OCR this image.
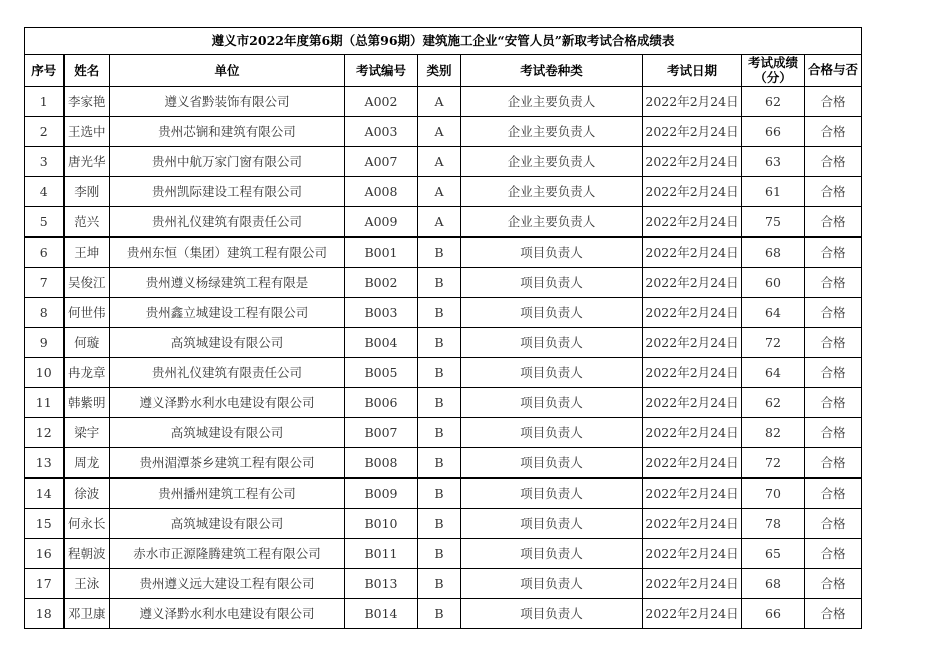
遵义市2022年度第6期（总第96期）建筑施工企业“安管人员”新取考试合格成绩表								
序号	姓名	单位	考试编号	类别	考试卷种类	考试日期	考试成绩（分）	合格与否
1	李家艳	遵义省黔装饰有限公司	A002	A	企业主要负责人	2022年2月24日	62	合格
2	王选中	贵州芯锎和建筑有限公司	A003	A	企业主要负责人	2022年2月24日	66	合格
3	唐光华	贵州中航万家门窗有限公司	A007	A	企业主要负责人	2022年2月24日	63	合格
4	李刚	贵州凯际建设工程有限公司	A008	A	企业主要负责人	2022年2月24日	61	合格
5	范兴	贵州礼仪建筑有限责任公司	A009	A	企业主要负责人	2022年2月24日	75	合格
6	王坤	贵州东恒（集团）建筑工程有限公司	B001	B	项目负责人	2022年2月24日	68	合格
7	吴俊江	贵州遵义杨绿建筑工程有限是	B002	B	项目负责人	2022年2月24日	60	合格
8	何世伟	贵州鑫立城建设工程有限公司	B003	B	项目负责人	2022年2月24日	64	合格
9	何璇	高筑城建设有限公司	B004	B	项目负责人	2022年2月24日	72	合格
10	冉龙章	贵州礼仪建筑有限责任公司	B005	B	项目负责人	2022年2月24日	64	合格
11	韩紫明	遵义泽黔水利水电建设有限公司	B006	B	项目负责人	2022年2月24日	62	合格
12	梁宇	高筑城建设有限公司	B007	B	项目负责人	2022年2月24日	82	合格
13	周龙	贵州湄潭茶乡建筑工程有限公司	B008	B	项目负责人	2022年2月24日	72	合格
14	徐波	贵州播州建筑工程有公司	B009	B	项目负责人	2022年2月24日	70	合格
15	何永长	高筑城建设有限公司	B010	B	项目负责人	2022年2月24日	78	合格
16	程朝波	赤水市正源隆腾建筑工程有限公司	B011	B	项目负责人	2022年2月24日	65	合格
17	王泳	贵州遵义远大建设工程有限公司	B013	B	项目负责人	2022年2月24日	68	合格
18	邓卫康	遵义泽黔水利水电建设有限公司	B014	B	项目负责人	2022年2月24日	66	合格
